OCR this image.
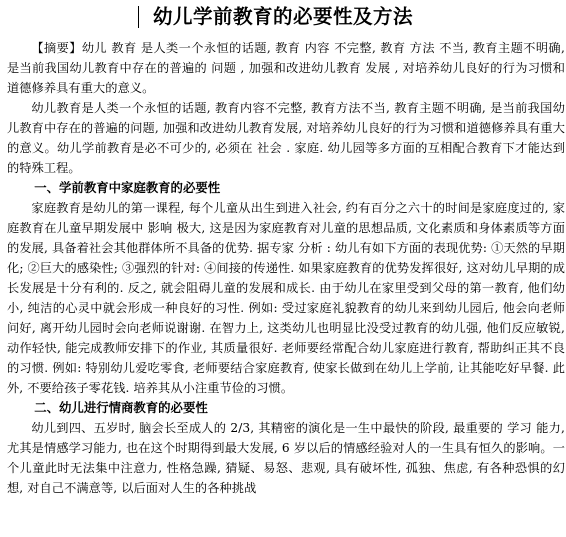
幼儿学前教育的必要性及方法

【摘要】幼儿 教育 是人类一个永恒的话题, 教育 内容 不完整, 教育 方法 不当, 教育主题不明确, 是当前我国幼儿教育中存在的普遍的 问题 , 加强和改进幼儿教育 发展 , 对培养幼儿良好的行为习惯和道德修养具有重大的意义。

幼儿教育是人类一个永恒的话题, 教育内容不完整, 教育方法不当, 教育主题不明确, 是当前我国幼儿教育中存在的普遍的问题, 加强和改进幼儿教育发展, 对培养幼儿良好的行为习惯和道德修养具有重大的意义。幼儿学前教育是必不可少的, 必须在 社会 . 家庭. 幼儿园等多方面的互相配合教育下才能达到的特殊工程。

一、学前教育中家庭教育的必要性

家庭教育是幼儿的第一课程, 每个儿童从出生到进入社会, 约有百分之六十的时间是家庭度过的, 家庭教育在儿童早期发展中 影响 极大, 这是因为家庭教育对儿童的思想品质, 文化素质和身体素质等方面的发展, 具备着社会其他群体所不具备的优势. 据专家 分析 : 幼儿有如下方面的表现优势: ①天然的早期化; ②巨大的感染性; ③强烈的针对: ④间接的传递性. 如果家庭教育的优势发挥很好, 这对幼儿早期的成长发展是十分有利的. 反之, 就会阻碍儿童的发展和成长. 由于幼儿在家里受到父母的第一教育, 他们幼小, 纯洁的心灵中就会形成一种良好的习性. 例如: 受过家庭礼貌教育的幼儿来到幼儿园后, 他会向老师问好, 离开幼儿园时会向老师说谢谢. 在智力上, 这类幼儿也明显比没受过教育的幼儿强, 他们反应敏锐, 动作轻快, 能完成教师安排下的作业, 其质量很好. 老师要经常配合幼儿家庭进行教育, 帮助纠正其不良的习惯. 例如: 特别幼儿爱吃零食, 老师要结合家庭教育, 使家长做到在幼儿上学前, 让其能吃好早餐. 此外, 不要给孩子零花钱. 培养其从小注重节俭的习惯。

二、幼儿进行情商教育的必要性

幼儿到四、五岁时, 脑会长至成人的 2/3, 其精密的演化是一生中最快的阶段, 最重要的 学习 能力, 尤其是情感学习能力, 也在这个时期得到最大发展, 6 岁以后的情感经验对人的一生具有恒久的影响。一个儿童此时无法集中注意力, 性格急躁, 猜疑、易怒、悲观, 具有破坏性, 孤独、焦虑, 有各种恐惧的幻想, 对自己不满意等, 以后面对人生的各种挑战
